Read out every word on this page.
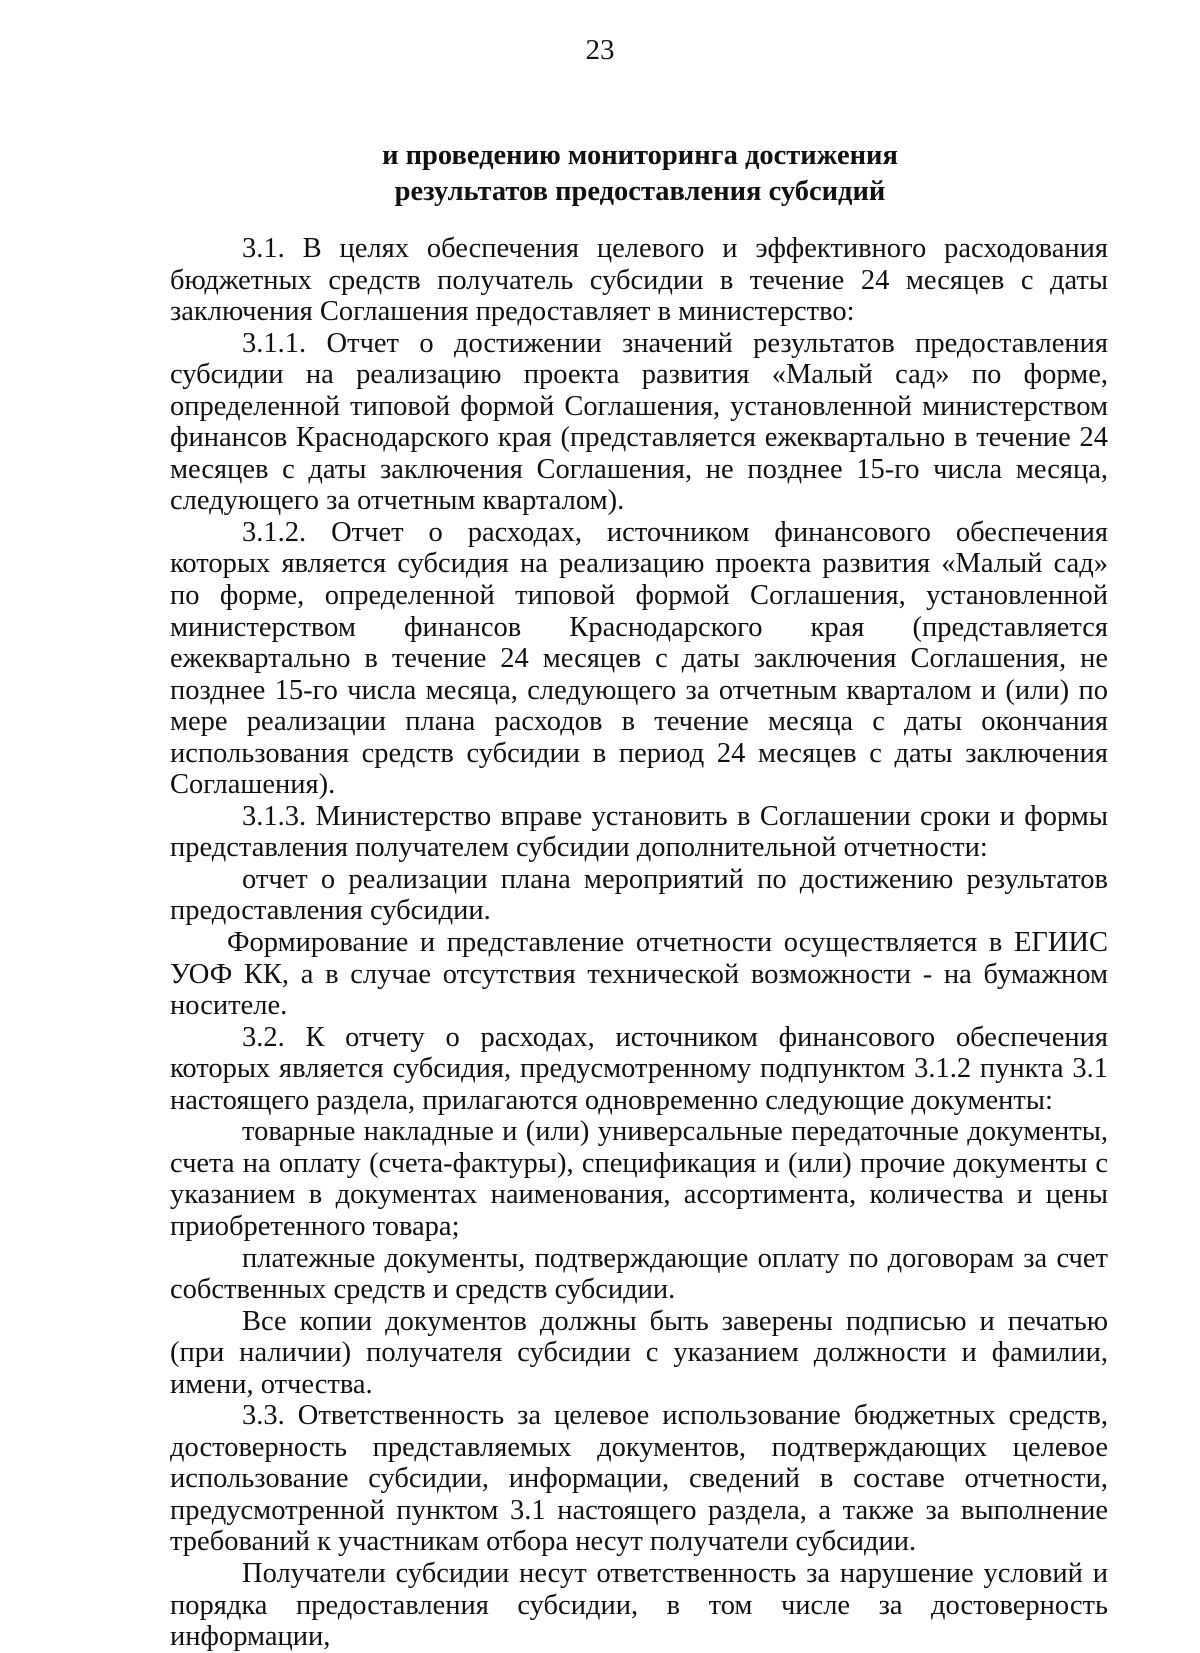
23
и проведению мониторинга достижения
результатов предоставления субсидий

3.1. В целях обеспечения целевого и эффективного расходования бюджетных средств получатель субсидии в течение 24 месяцев с даты заключения Соглашения предоставляет в министерство:

3.1.1. Отчет о достижении значений результатов предоставления субсидии на реализацию проекта развития «Малый сад» по форме, определенной типовой формой Соглашения, установленной министерством финансов Краснодарского края (представляется ежеквартально в течение 24 месяцев с даты заключения Соглашения, не позднее 15-го числа месяца, следующего за отчетным кварталом).

3.1.2. Отчет о расходах, источником финансового обеспечения которых является субсидия на реализацию проекта развития «Малый сад» по форме, определенной типовой формой Соглашения, установленной министерством финансов Краснодарского края (представляется ежеквартально в течение 24 месяцев с даты заключения Соглашения, не позднее 15-го числа месяца, следующего за отчетным кварталом и (или) по мере реализации плана расходов в течение месяца с даты окончания использования средств субсидии в период 24 месяцев с даты заключения Соглашения).

3.1.3. Министерство вправе установить в Соглашении сроки и формы представления получателем субсидии дополнительной отчетности:

отчет о реализации плана мероприятий по достижению результатов предоставления субсидии.

Формирование и представление отчетности осуществляется в ЕГИИС УОФ КК, а в случае отсутствия технической возможности - на бумажном носителе.

3.2. К отчету о расходах, источником финансового обеспечения которых является субсидия, предусмотренному подпунктом 3.1.2 пункта 3.1 настоящего раздела, прилагаются одновременно следующие документы:

товарные накладные и (или) универсальные передаточные документы, счета на оплату (счета-фактуры), спецификация и (или) прочие документы с указанием в документах наименования, ассортимента, количества и цены приобретенного товара;

платежные документы, подтверждающие оплату по договорам за счет собственных средств и средств субсидии.

Все копии документов должны быть заверены подписью и печатью (при наличии) получателя субсидии с указанием должности и фамилии, имени, отчества.

3.3. Ответственность за целевое использование бюджетных средств, достоверность представляемых документов, подтверждающих целевое использование субсидии, информации, сведений в составе отчетности, предусмотренной пунктом 3.1 настоящего раздела, а также за выполнение требований к участникам отбора несут получатели субсидии.

Получатели субсидии несут ответственность за нарушение условий и порядка предоставления субсидии, в том числе за достоверность информации,
